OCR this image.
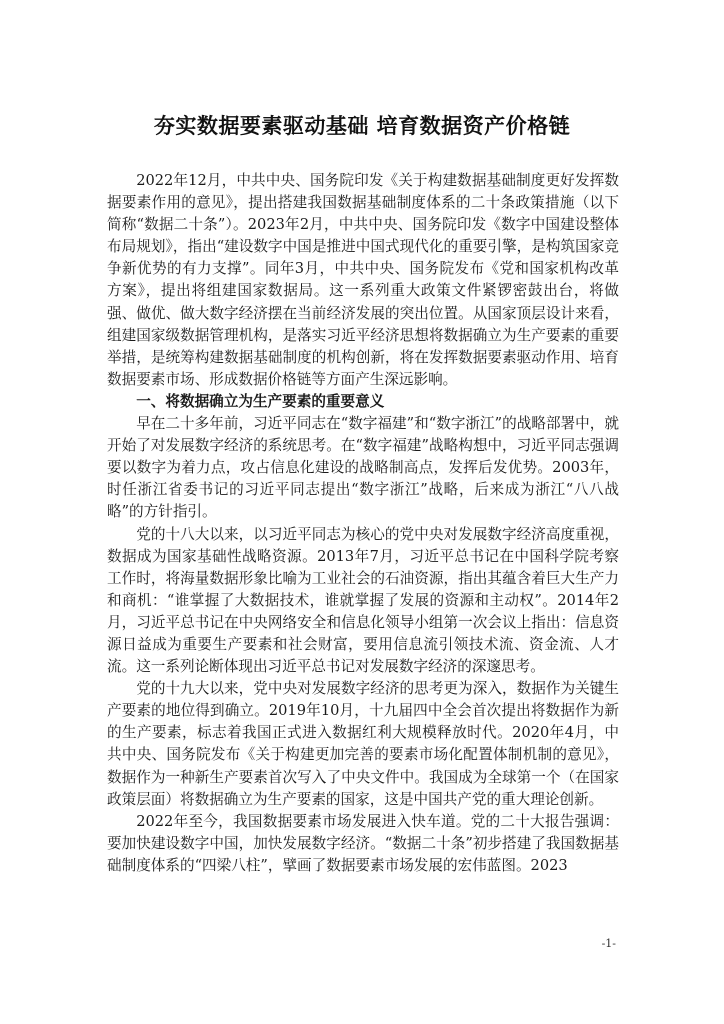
夯实数据要素驱动基础 培育数据资产价格链

2022年12月，中共中央、国务院印发《关于构建数据基础制度更好发挥数据要素作用的意见》，提出搭建我国数据基础制度体系的二十条政策措施（以下简称“数据二十条”）。2023年2月，中共中央、国务院印发《数字中国建设整体布局规划》，指出“建设数字中国是推进中国式现代化的重要引擎，是构筑国家竞争新优势的有力支撑”。同年3月，中共中央、国务院发布《党和国家机构改革方案》，提出将组建国家数据局。这一系列重大政策文件紧锣密鼓出台，将做强、做优、做大数字经济摆在当前经济发展的突出位置。从国家顶层设计来看，组建国家级数据管理机构，是落实习近平经济思想将数据确立为生产要素的重要举措，是统筹构建数据基础制度的机构创新，将在发挥数据要素驱动作用、培育数据要素市场、形成数据价格链等方面产生深远影响。

一、将数据确立为生产要素的重要意义

早在二十多年前，习近平同志在“数字福建”和“数字浙江”的战略部署中，就开始了对发展数字经济的系统思考。在“数字福建”战略构想中，习近平同志强调要以数字为着力点，攻占信息化建设的战略制高点，发挥后发优势。2003年，时任浙江省委书记的习近平同志提出“数字浙江”战略，后来成为浙江“八八战略”的方针指引。

党的十八大以来，以习近平同志为核心的党中央对发展数字经济高度重视，数据成为国家基础性战略资源。2013年7月，习近平总书记在中国科学院考察工作时，将海量数据形象比喻为工业社会的石油资源，指出其蕴含着巨大生产力和商机：“谁掌握了大数据技术，谁就掌握了发展的资源和主动权”。2014年2月，习近平总书记在中央网络安全和信息化领导小组第一次会议上指出：信息资源日益成为重要生产要素和社会财富，要用信息流引领技术流、资金流、人才流。这一系列论断体现出习近平总书记对发展数字经济的深邃思考。

党的十九大以来，党中央对发展数字经济的思考更为深入，数据作为关键生产要素的地位得到确立。2019年10月，十九届四中全会首次提出将数据作为新的生产要素，标志着我国正式进入数据红利大规模释放时代。2020年4月，中共中央、国务院发布《关于构建更加完善的要素市场化配置体制机制的意见》，数据作为一种新生产要素首次写入了中央文件中。我国成为全球第一个（在国家政策层面）将数据确立为生产要素的国家，这是中国共产党的重大理论创新。

2022年至今，我国数据要素市场发展进入快车道。党的二十大报告强调：要加快建设数字中国，加快发展数字经济。“数据二十条”初步搭建了我国数据基础制度体系的“四梁八柱”，擘画了数据要素市场发展的宏伟蓝图。2023

-1-
